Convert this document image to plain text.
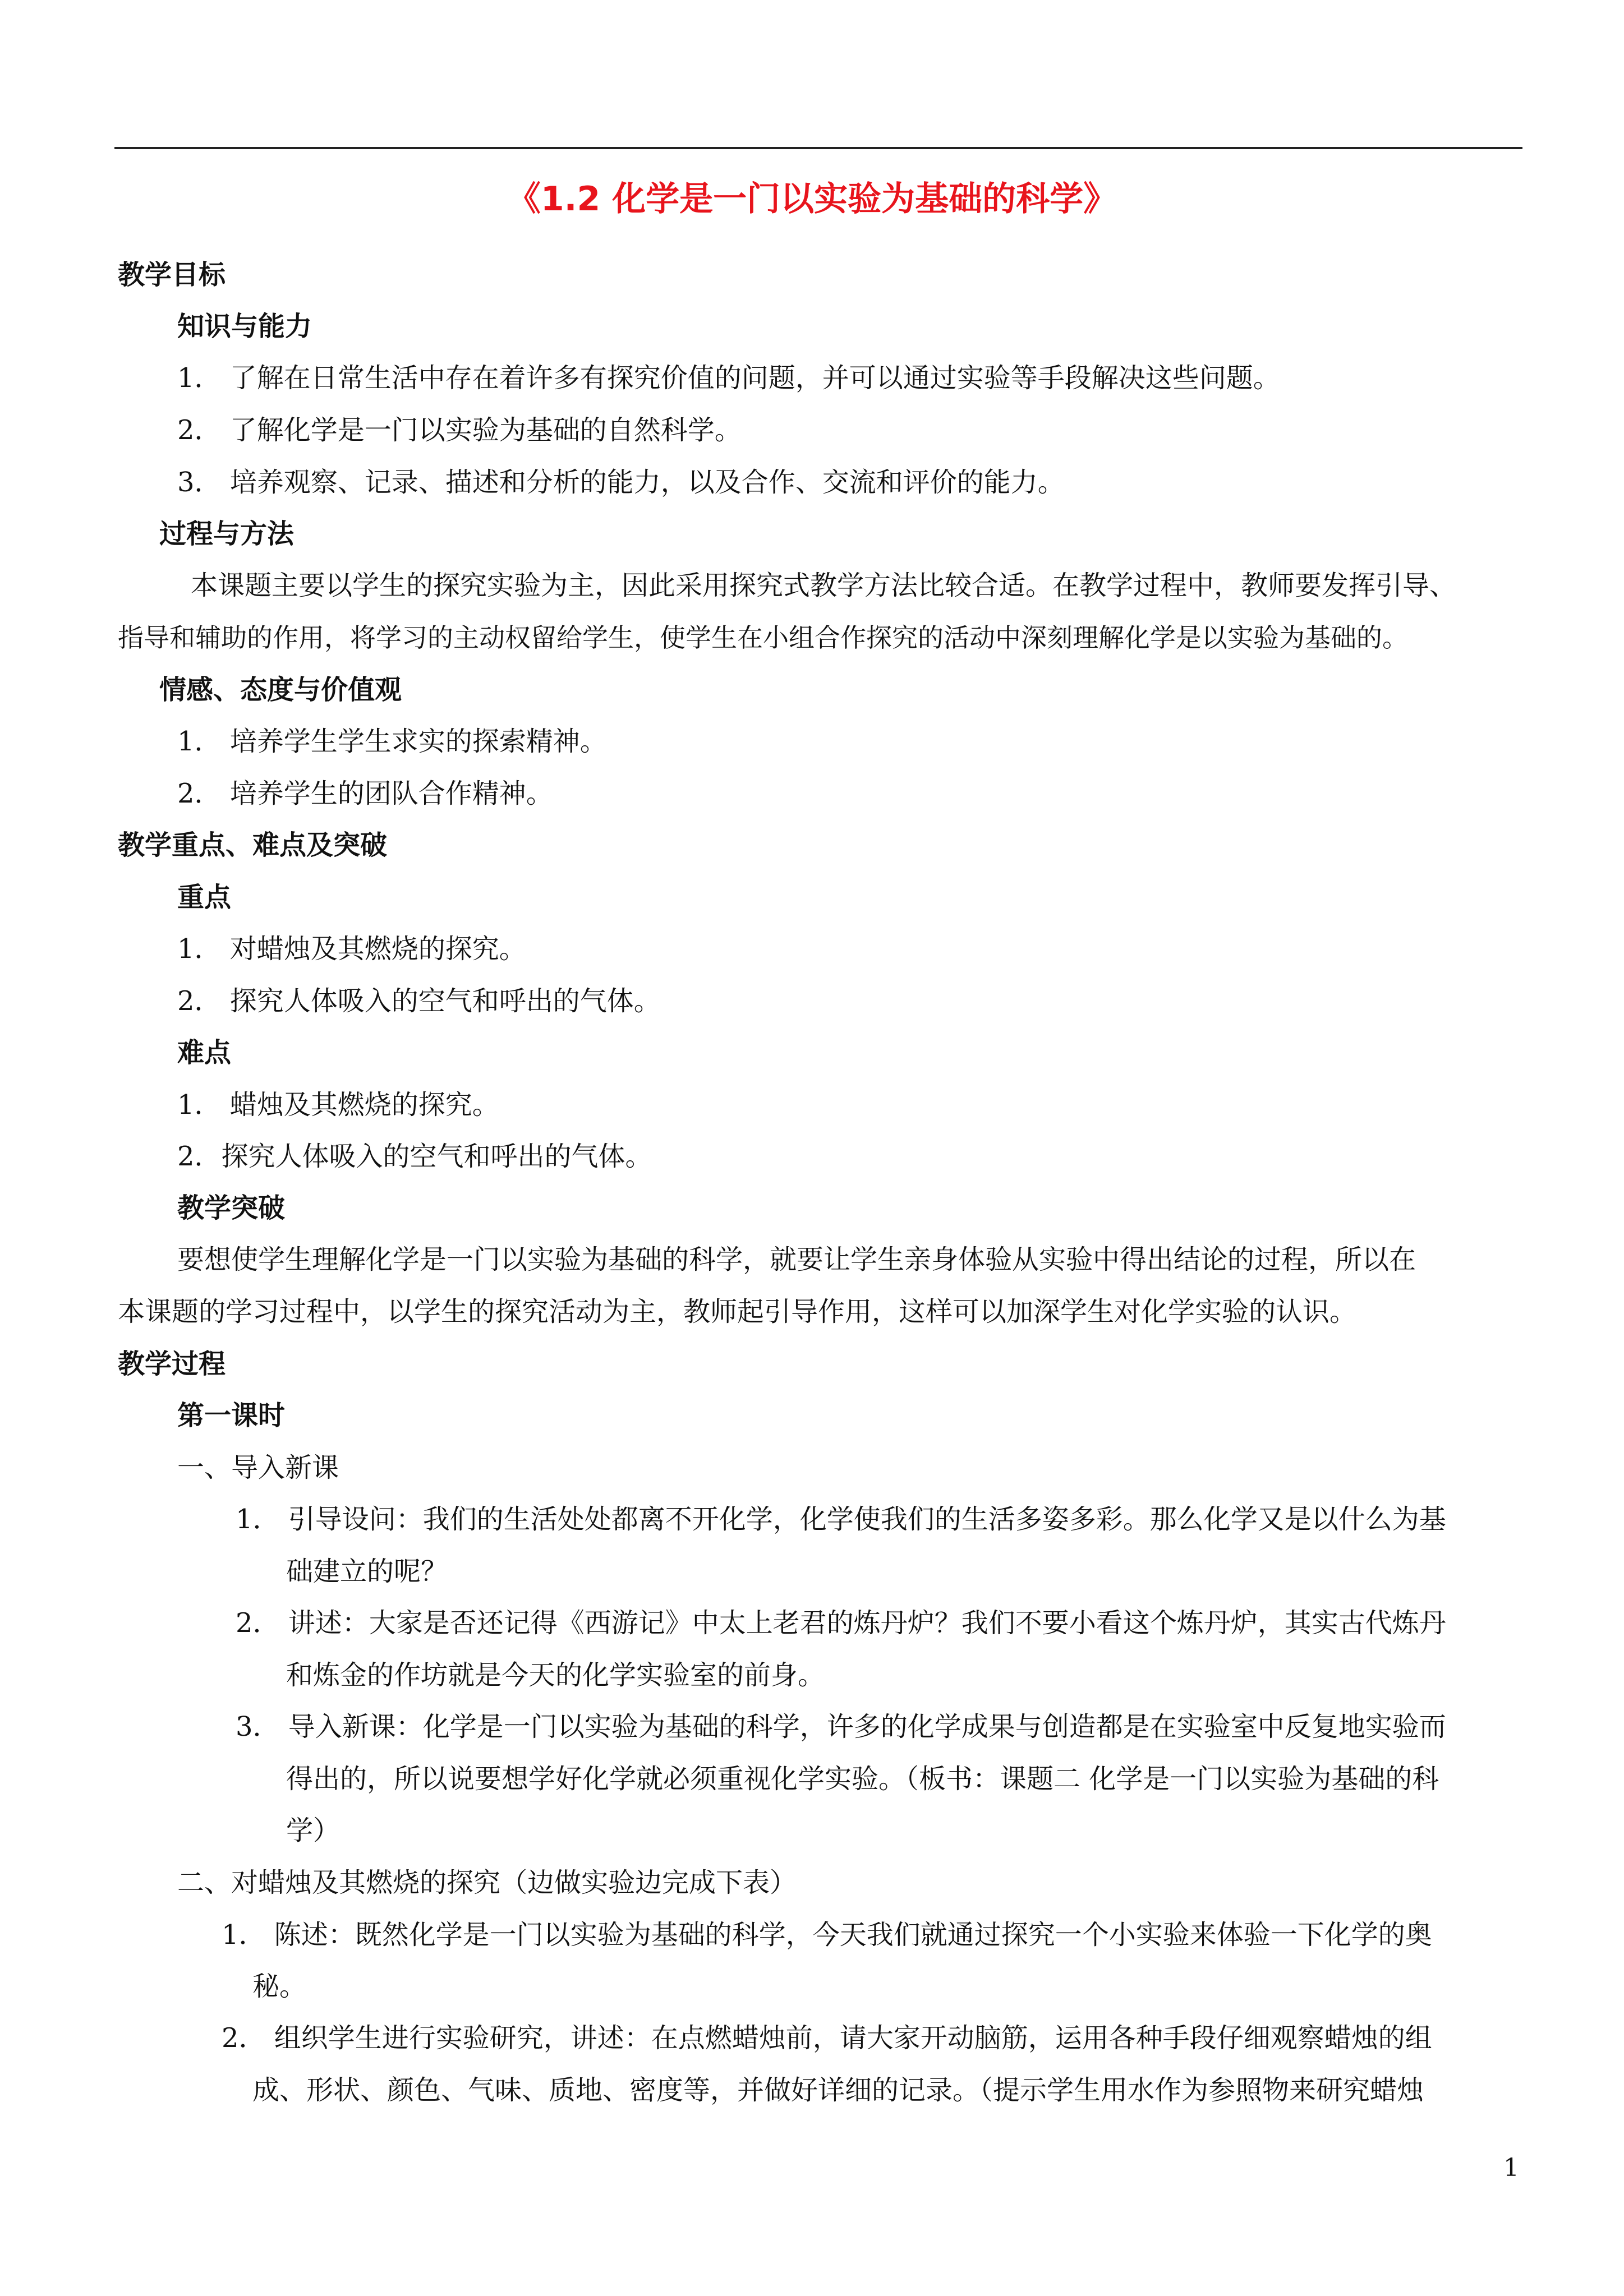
《1.2 化学是一门以实验为基础的科学》
教学目标
知识与能力
1． 了解在日常生活中存在着许多有探究价值的问题，并可以通过实验等手段解决这些问题。
2． 了解化学是一门以实验为基础的自然科学。
3． 培养观察、记录、描述和分析的能力，以及合作、交流和评价的能力。
过程与方法
本课题主要以学生的探究实验为主，因此采用探究式教学方法比较合适。在教学过程中，教师要发挥引导、
指导和辅助的作用，将学习的主动权留给学生，使学生在小组合作探究的活动中深刻理解化学是以实验为基础的。
情感、态度与价值观
1． 培养学生学生求实的探索精神。
2． 培养学生的团队合作精神。
教学重点、难点及突破
重点
1． 对蜡烛及其燃烧的探究。
2． 探究人体吸入的空气和呼出的气体。
难点
1． 蜡烛及其燃烧的探究。
2．探究人体吸入的空气和呼出的气体。
教学突破
要想使学生理解化学是一门以实验为基础的科学，就要让学生亲身体验从实验中得出结论的过程，所以在
本课题的学习过程中，以学生的探究活动为主，教师起引导作用，这样可以加深学生对化学实验的认识。
教学过程
第一课时
一、导入新课
1． 引导设问：我们的生活处处都离不开化学，化学使我们的生活多姿多彩。那么化学又是以什么为基
础建立的呢？
2． 讲述：大家是否还记得《西游记》中太上老君的炼丹炉？我们不要小看这个炼丹炉，其实古代炼丹
和炼金的作坊就是今天的化学实验室的前身。
3． 导入新课：化学是一门以实验为基础的科学，许多的化学成果与创造都是在实验室中反复地实验而
得出的，所以说要想学好化学就必须重视化学实验。（板书：课题二 化学是一门以实验为基础的科
学）
二、对蜡烛及其燃烧的探究（边做实验边完成下表）
1． 陈述：既然化学是一门以实验为基础的科学，今天我们就通过探究一个小实验来体验一下化学的奥
秘。
2． 组织学生进行实验研究，讲述：在点燃蜡烛前，请大家开动脑筋，运用各种手段仔细观察蜡烛的组
成、形状、颜色、气味、质地、密度等，并做好详细的记录。（提示学生用水作为参照物来研究蜡烛
1
